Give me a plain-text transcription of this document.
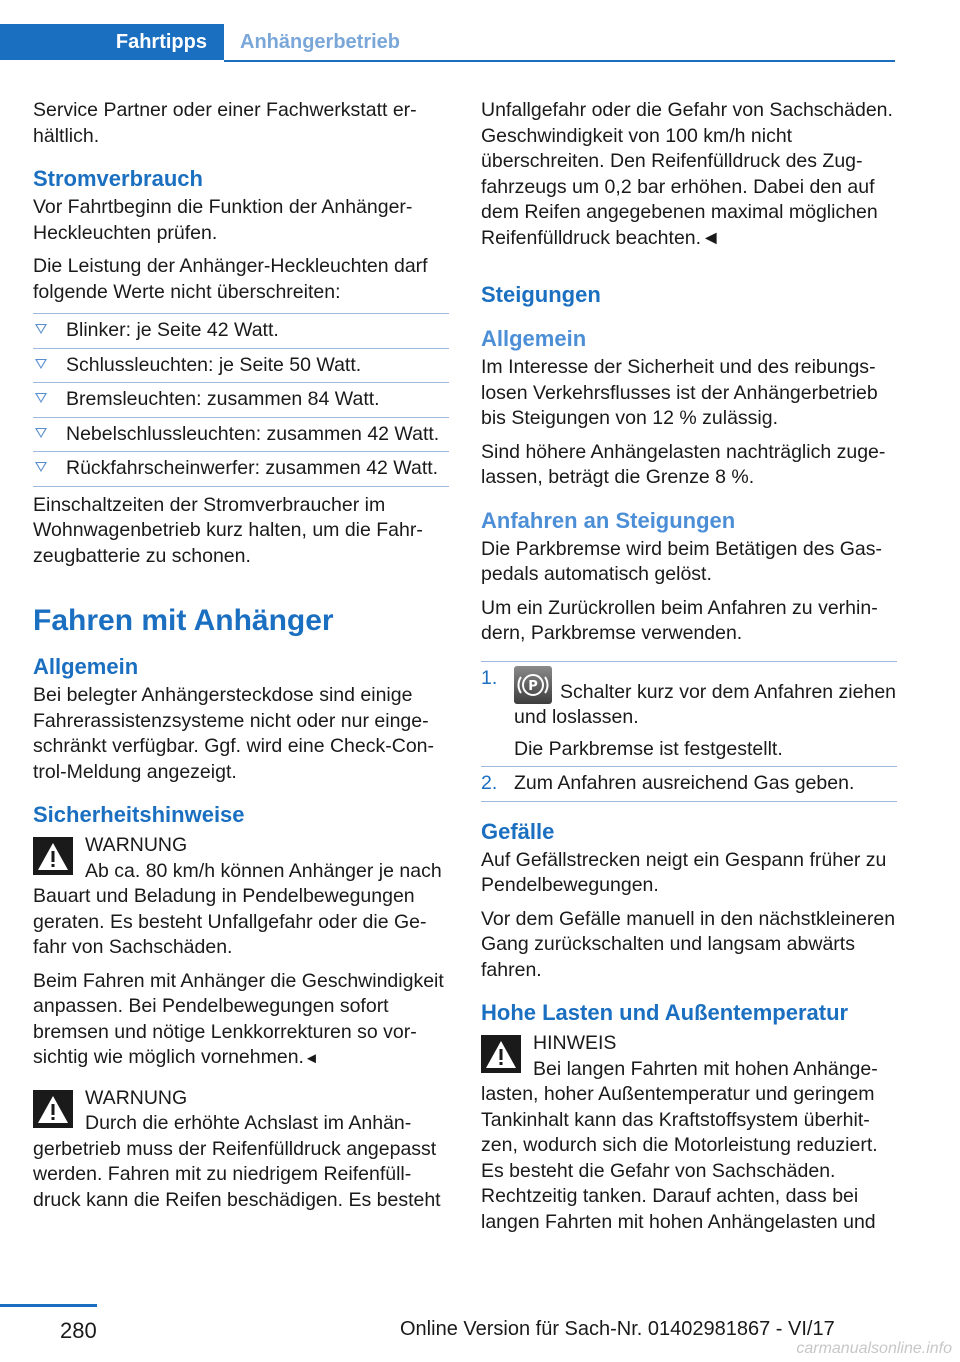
Fahrtipps	Anhängerbetrieb

Service Partner oder einer Fachwerkstatt erhältlich.

Stromverbrauch

Vor Fahrtbeginn die Funktion der Anhänger-Heckleuchten prüfen.

Die Leistung der Anhänger-Heckleuchten darf folgende Werte nicht überschreiten:

Blinker: je Seite 42 Watt.
Schlussleuchten: je Seite 50 Watt.
Bremsleuchten: zusammen 84 Watt.
Nebelschlussleuchten: zusammen 42 Watt.
Rückfahrscheinwerfer: zusammen 42 Watt.

Einschaltzeiten der Stromverbraucher im Wohnwagenbetrieb kurz halten, um die Fahrzeugbatterie zu schonen.

Fahren mit Anhänger
Allgemein

Bei belegter Anhängersteckdose sind einige Fahrerassistenzsysteme nicht oder nur eingeschränkt verfügbar. Ggf. wird eine Check-Control-Meldung angezeigt.

Sicherheitshinweise
WARNUNG

Ab ca. 80 km/h können Anhänger je nach Bauart und Beladung in Pendelbewegungen geraten. Es besteht Unfallgefahr oder die Gefahr von Sachschäden.

Beim Fahren mit Anhänger die Geschwindigkeit anpassen. Bei Pendelbewegungen sofort bremsen und nötige Lenkkorrekturen so vorsichtig wie möglich vornehmen.◄

WARNUNG

Durch die erhöhte Achslast im Anhängerbetrieb muss der Reifenfülldruck angepasst werden. Fahren mit zu niedrigem Reifenfülldruck kann die Reifen beschädigen. Es besteht

Unfallgefahr oder die Gefahr von Sachschäden. Geschwindigkeit von 100 km/h nicht überschreiten. Den Reifenfülldruck des Zugfahrzeugs um 0,2 bar erhöhen. Dabei den auf dem Reifen angegebenen maximal möglichen Reifenfülldruck beachten.◄

Steigungen
Allgemein

Im Interesse der Sicherheit und des reibungslosen Verkehrsflusses ist der Anhängerbetrieb bis Steigungen von 12 % zulässig.

Sind höhere Anhängelasten nachträglich zugelassen, beträgt die Grenze 8 %.

Anfahren an Steigungen

Die Parkbremse wird beim Betätigen des Gaspedals automatisch gelöst.

Um ein Zurückrollen beim Anfahren zu verhindern, Parkbremse verwenden.

1. P Schalter kurz vor dem Anfahren ziehen und loslassen.
Die Parkbremse ist festgestellt.
2. Zum Anfahren ausreichend Gas geben.
Gefälle

Auf Gefällstrecken neigt ein Gespann früher zu Pendelbewegungen.

Vor dem Gefälle manuell in den nächstkleineren Gang zurückschalten und langsam abwärts fahren.

Hohe Lasten und Außentemperatur
HINWEIS

Bei langen Fahrten mit hohen Anhängelasten, hoher Außentemperatur und geringem Tankinhalt kann das Kraftstoffsystem überhitzen, wodurch sich die Motorleistung reduziert. Es besteht die Gefahr von Sachschäden. Rechtzeitig tanken. Darauf achten, dass bei langen Fahrten mit hohen Anhängelasten und

280	Online Version für Sach-Nr. 01402981867 - VI/17
carmanualsonline.info
